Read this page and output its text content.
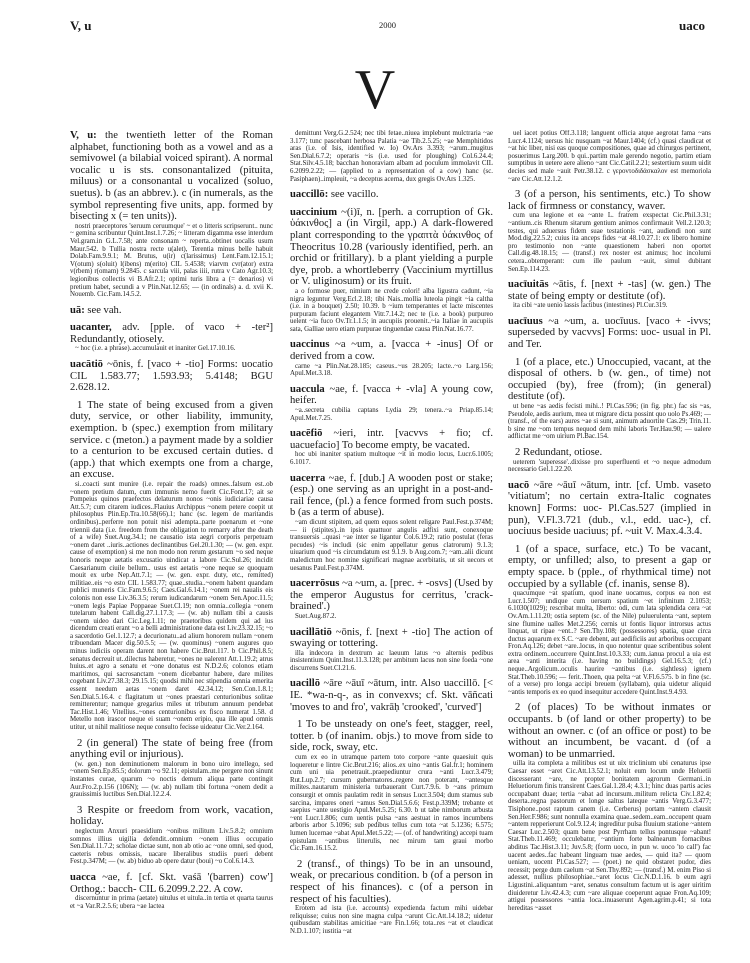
V, u	2000	uaco
V

V, u: the twentieth letter of the Roman alphabet, functioning both as a vowel and as a semivowel (a bilabial voiced spirant). A normal vocalic u is sts. consonantalized (pituita, miluus) or a consonantal u vocalized (soluo, suetus). b (as an abbrev.). c (in numerals, as the symbol representing five units, app. formed by bisecting x (= ten units)).

nostri praeceptores 'seruum ceruumque' ~ et o litteris scripserunt.. nunc ~ gemina scribuntur Quint.Inst.1.7.26; ~ litteram digamma esse interdum Vel.gram.in G.L.7.58; ante consonam ~ reperta..obtinet uocalis usum Maur.542. b Tullia nostra recte u(alet), Terentia minus belle habuit Dolab.Fam.9.9.1; M. Brutus, u(ir) c(larissimus) Lent.Fam.12.15.1; V(otum) s(oluit) l(ibens) m(erito) CIL 5.4538; viarvm cvr(ator) extra v(rbem) r(omam) 9.2845. c sarcula viii, palas iiii, rutra v Cato Agr.10.3; legionibus collectis vi B.Afr.2.1; optimi turis libra a (= denarios) vi pretium habet, secundi a v Plin.Nat.12.65; — (in ordinals) a. d. xvii K. Nouemb. Cic.Fam.14.5.2.

uā: see vah.

uacanter, adv. [pple. of vaco + -ter²] Redundantly, otiosely.

~ hoc (i.e. a phrase)..accumulauit et inaniter Gel.17.10.16.

uacātiō ~ōnis, f. [vaco + -tio] Forms: uocatio CIL 1.583.77; 1.593.93; 5.4148; BGU 2.628.12.

1 The state of being excused from a given duty, service, or other liability, immunity, exemption. b (spec.) exemption from military service. c (meton.) a payment made by a soldier to a centurion to be excused certain duties. d (app.) that which exempts one from a charge, an excuse.

si..coacti sunt munire (i.e. repair the roads) omnes..falsum est..ob ~onem pretium datum, cum immunis nemo fuerit Cic.Font.17; ait se Pompeius quinos praefectos delaturum nonos ~onis iudiciariae causa Att.5.7; cum citarem iudices..Flauius Archippus ~onem petere coepit ut philosophus Plin.Ep.Tra.10.58(66).1; hanc (sc. legem de maritandis ordinibus)..perferre non potuit nisi adempta..parte poenarum et ~one triennii data (i.e. freedom from the obligation to remarry after the death of a wife) Suet.Aug.34.1; ne causatio ista aegri corporis perpetuam ~onem daret ..iuris..actiones declinantibus Gel.20.1.30; — (w. gen. expr. cause of exemption) si me non modo non rerum gestarum ~o sed neque honoris neque aetatis excusatio uindicat a labore Cic.Sul.26; incidit Caesarianum ciuile bellum.. usus est aetatis ~one neque se quoquam mouit ex urbe Nep.Att.7.1; — (w. gen. expr. duty, etc., remitted) militiae..eis ~o esto CIL 1.583.77; quae..studia..~onem habent quandam publici muneris Cic.Fam.9.6.5; Caes.Gal.6.14.1; ~onem rei naualis eis colonis non esse Liv.36.3.5; rerum iudicandarum ~onem Sen.Apoc.11.5; ~onem legis Papiae Poppaeae Suet.Cl.19; non omnia..collegia ~onem tutelarum habent Call.dig.27.1.17.3; — (w. ab) nullam tibi a causis ~onem uideo dari Cic.Leg.1.11; ne praetoribus quidem qui ad ius dicendum creati erant ~o a belli administratione data est Liv.23.32.15; ~o a sacerdotio Gel.1.12.7; a decurionatu..ad alium honorem nullam ~onem tribuendam Macer dig.50.5.5; — (w. quominus) ~onem augures quo minus iudiciis operam darent non habere Cic.Brut.117. b Cic.Phil.8.5; senatus decreuit ut..dilectus haberetur, ~ones ne ualerent Att.1.19.2; atrus huius..et agro a senatu et ~one donatus est N.D.2.6; colonos etiam maritimos, qui sacrosanctam ~onem dicebantur habere, dare milites cogebant Liv.27.38.3; 29.15.15; quodsi mihi nec stipendia omnia emerita essent needum aetas ~onem daret 42.34.12; Sen.Con.1.8.1; Sen.Dial.5.16.4. c flagitatum ut ~ones praestari centurionibus solitae remitterentur; namque gregarius miles ut tributum annuum pendebat Tac.Hist.1.46; Vitellius..~ones centurionibus ex fisco numerat 1.58. d Metello non irascor neque ei suam ~onem eripio, qua ille apud omnis utitur, ut nihil malitiose neque consulto fecisse uideatur Cic.Ver.2.164.

2 (in general) The state of being free (from anything evil or injurious).

(w. gen.) non deminutionem malorum in bono uiro intellego, sed ~onem Sen.Ep.85.5; dolorum ~o 92.11; epistulam..me pergere non sinunt instantes curae, quarum ~o noctis demum aliqua parte contingit Aur.Fro.2.p.156 (106N); — (w. ab) nullam tibi fortuna ~onem dedit a grauissimis luctibus Sen.Dial.12.2.4.

3 Respite or freedom from work, vacation, holiday.

neglectum Anxuri praesidium ~onibus militum Liv.5.8.2; omnium somnos illius uigilia defendit..omnium ~onem illius occupatio Sen.Dial.11.7.2; scholae dictae sunt, non ab otio ac ~one omni, sed quod, caeteris rebus omissis, uacare liberalibus studiis pueri debent Fest.p.347M; — (w. ab) biduo ab opere datur (boui) ~o Col.6.14.3.

uacca ~ae, f. [cf. Skt. vaśā '(barren) cow'] Orthog.: bacch- CIL 6.2099.2.22. A cow.

discernuntur in prima (aetate) uitulus et uitula..in tertia et quarta taurus et ~a Var.R.2.5.6; ubera ~ae lactea

demittunt Verg.G.2.524; nec tibi fetae..niuea implebunt mulctraria ~ae 3.177; tunc pascebant herbosa Palatia ~ae Tib.2.5.25; ~ae Memphitidos aras (i.e. of Isis, identified w. Io) Ov.Ars 3.393; ~arum..mugitus Sen.Dial.6.7.2; operaris ~is (i.e. used for ploughing) Col.6.24.4; Stat.Silv.4.5.18; bacchan honoraviam albam ad poculum immolavit CIL 6.2099.2.22; — (applied to a representation of a cow) hanc (sc. Pasiphaen)..impleuit, ~a deceptus acerna, dux gregis Ov.Ars 1.325.

uaccillō: see vacillo.

uaccinium ~(i)ī, n. [perh. a corruption of Gk. ὑάκινθος] a (in Virgil, app.) A dark-flowered plant corresponding to the γραπτὰ ὑάκινθος of Theocritus 10.28 (variously identified, perh. an orchid or fritillary). b a plant yielding a purple dye, prob. a whortleberry (Vaccinium myrtillus or V. uliginosum) or its fruit.

a o formose puer, nimium ne crede colori! alba ligustra cadunt, ~ia nigra leguntur Verg.Ecl.2.18; tibi Nais..mollia luteola pingit ~ia caltha (i.e. in a bouquet) 2.50; 10.39. b ~ium temperantes et lacte miscentes purpuram faciunt elegantem Vitr.7.14.2; nec te (i.e. a book) purpureo uelent ~ia fuco Ov.Tr.1.1.5; in aucupiis prouenit..~ia Italiae in aucupiis sata, Galliae uero etiam purpurae tinguendae causa Plin.Nat.16.77.

uaccinus ~a ~um, a. [vacca + -inus] Of or derived from a cow.

carne ~a Plin.Nat.28.185; caseus..~us 28.205; lacte..~o Larg.156; Apul.Met.3.18.

uaccula ~ae, f. [vacca + -vla] A young cow, heifer.

~a..secreta cubilia captans Lydia 29; tenera..~a Priap.85.14; Apul.Met.7.25.

uacēfiō ~ieri, intr. [vacvvs + fio; cf. uacuefacio] To become empty, be vacated.

hoc ubi inaniter spatium multoque ~it in modio locus, Lucr.6.1005; 6.1017.

uacerra ~ae, f. [dub.] A wooden post or stake; (esp.) one serving as an upright in a post-and-rail fence, (pl.) a fence formed from such posts. b (as a term of abuse).

~am dicunt stipitem, ad quem equos solent religare Paul.Fest.p.374M; — ii (stipites)..in ipsis quattuor angulis adfixi sunt, conexoque transuersis ..quasi ~ae inter se ligantur Col.6.19.2; ratio postulat (feras pecudes) ~is includi (sic enim appellatur genus clatrorum) 9.1.3; uiuarium quod ~is circumdatum est 9.1.9. b Aug.com.7; ~am..alii dicunt maledictum hoc nomine significari magnae acerbitatis, ut sit uecors et uesanus Paul.Fest.p.374M.

uacerrōsus ~a ~um, a. [prec. + -osvs] (Used by the emperor Augustus for cerritus, 'crack-brained'.)

Suet.Aug.87.2.

uacillātiō ~ōnis, f. [next + -tio] The action of swaying or tottering.

illa indecora in dextrum ac laeuum latus ~o alternis pedibus insistentium Quint.Inst.11.3.128; per ambitum lacus non sine foeda ~one discurrens Suet.Cl.21.6.

uacillō ~āre ~āuī ~ātum, intr. Also uaccillō. [< IE. *wa-n-q-, as in convexvs; cf. Skt. vāñcati 'moves to and fro', vakrāḥ 'crooked', 'curved']

1 To be unsteady on one's feet, stagger, reel, totter. b (of inanim. objs.) to move from side to side, rock, sway, etc.

cum ex eo in utramque partem toto corpore ~ante quaesiuit quis loqueretur e lintre Cic.Brut.216; alios..ex uino ~antis Gal.fr.1; hominem cum uni uia penetrauit..praepediuntur crura ~anti Lucr.3.479; Rut.Lup.2.7; cursum gubernatores..regere non poterant, ~antesque milites..nautarum ministeria turbauerant Curt.7.9.6. b ~ans primum consurgit et omnis paulatim redit in sensus Lucr.3.504; dum stamus sub sarcina, impares oneri ~amus Sen.Dial.5.6.6; Fest.p.339M; trebante et saepius ~ante uestigio Apul.Met.5.25; 6.30. b ut tabe nimborum arbusta ~ent Lucr.1.806; cum uentis pulsa ~ans aestuat in ramos incumbens arboris arbor 5.1096; sub pedibus tellus cum tota ~at 5.1236; 6.575; lumen lucernae ~abat Apul.Met.5.22; — (of. of handwriting) accepi tuam epistulam ~antibus litterulis, nec mirum tam graui morbo Cic.Fam.16.15.2.

2 (transf., of things) To be in an unsound, weak, or precarious condition. b (of a person in respect of his finances). c (of a person in respect of his faculties).

Erotem ad ista (i.e. accounts) expedienda factum mihi uidebar reliquisse; cuius non sine magna culpa ~arunt Cic.Att.14.18.2; uidetur quibusdam stabilitas amicitiae ~are Fin.1.66; tota..res ~at et claudicat N.D.1.107; iustitia ~at

uel iacet potius Off.3.118; languent officia atque aegrotat fama ~ans Lucr.4.1124; uersus hic nusquam ~at Maur.1404; (cf.) quasi claudicat et ~at hic liber, nisi eas quoque compositiones, quae ad chirurgos pertinent, posuerimus Larg.200. b qui..partim male gerendo negotio, partim etiam sumptibus in uetere aere alieno ~ant Cic.Catil.2.21; sestertium suum uidit decies sed male ~auit Petr.38.12. c γεροντοδιδάσκαλον est memoriola ~are Cic.Att.12.1.2.

3 (of a person, his sentiments, etc.) To show lack of firmness or constancy, waver.

cum una legione et ea ~ante L. fratrem exspectat Cic.Phil.3.31; ~antium..cis Rhenum sitarum gentium animos confirmauit Vell.2.120.3; testes, qui aduersus fidem suae testationis ~ant, audiendi non sunt Mod.dig.22.5.2; cuius ita anceps fides ~at 48.10.27.1: ex libero homine pro testimonio non ~ante quaestionem haberi non oportet Call.dig.48.18.15; — (transf.) rex noster est animus; hoc incolumi cetera..obtemperant: cum ille paulum ~auit, simul dubitant Sen.Ep.114.23.

uacīuitās ~ātis, f. [next + -tas] (w. gen.) The state of being empty or destitute (of).

ita cibi ~ate uenio lassis lactibus (intestines) Pl.Cur.319.

uacīuus ~a ~um, a. uocīuus. [vaco + -ivvs; superseded by vacvvs] Forms: uoc- usual in Pl. and Ter.

1 (of a place, etc.) Unoccupied, vacant, at the disposal of others. b (w. gen., of time) not occupied (by), free (from); (in general) destitute (of).

ut bene ~as aedis fecisti mihi..! Pl.Cas.596; (in fig. phr.) fac sis ~as, Pseudole, aedis aurium, mea ut migrare dicta possint quo uolo Ps.469; — (transf., of the ears) aures ~ae si sunt, animum aduortite Cas.29; Trin.11. b sine me ~om tempus nequod dem mihi laboris Ter.Hau.90; — ualere adflictat me ~om uirium Pl.Bac.154.

2 Redundant, otiose.

ueterem 'superesse'..dixisse pro superfluenti et ~o neque admodum necessario Gel.1.22.20.

uacō ~āre ~āuī ~ātum, intr. [cf. Umb. vaseto 'vitiatum'; no certain extra-Italic cognates known] Forms: uoc- Pl.Cas.527 (implied in pun), V.Fl.3.721 (dub., v.l., edd. uac-), cf. uociuus beside uaciuus; pf. ~uit V. Max.4.3.4.

1 (of a space, surface, etc.) To be vacant, empty, or unfilled; also, to present a gap or empty space. b (pple., of rhythmical time) not occupied by a syllable (cf. inanis, sense 8).

quacumque ~at spatium, quod inane uocamus, corpus ea non est Lucr.1.507; undique cum uersum spatium ~et infinitum 2.1053; 6.1030(1029); rescribat multa, liberto: odi, cum lata splendida cera ~at Ov.Am.1.11.20; ostia septem (sc. of the Nile) puluerulenta ~ant, septem sine flumine ualles Met.2.256; cernis ut fontis liquor introrsus actus linquat, ut ripae ~ent..? Sen.Thy.108; (possessores) spatia, quae circa ductus aquarum ex S.C. ~are debent, aut aedificiis aut arboribus occupant Fron.Aq.126; debet ~are..locus, in quo notentur quae scribentibus solent extra ordinem..occurrere Quint.Inst.10.3.33; cum..ianua procul a uia est area ~anti interita (i.e. having no buildings) Gel.16.5.3; (cf.) neque..Argolicum..oculis haurire ~antibus (i.e. sightless) ignem Stat.Theb.10.596; — ferit..Thoen, qua pelta ~at V.Fl.6.575. b in fine (sc. of a verse) pro longa accipi breuem (syllabam), quia uidetur aliquid ~antis temporis ex eo quod insequitur accedere Quint.Inst.9.4.93.

2 (of places) To be without inmates or occupants. b (of land or other property) to be without an owner. c (of an office or post) to be without an incumbent, be vacant. d (of a woman) to be unmarried.

uilla ita completa a militibus est ut uix triclinium ubi cenaturus ipse Caesar esset ~aret Cic.Att.13.52.1; noluit eum locum unde Heluetii discesserant ~are, ne propter bonitatem agrorum Germani..in Heluetiorum finis transirent Caes.Gal.1.28.4; 4.3.1; hinc duas partis acies occupabant duae; tertia ~abat ad incursum..militum relicta Civ.1.82.4; deserta..regna pastorum et longe saltus lateque ~antis Verg.G.3.477; Tisiphone..post raptum canem (i.e. Cerberus) portam ~antem clausit Sen.Her.F.986; sunt nonnulla examina quae..sedem..eam..occupent quam ~antem repperierunt Col.9.12.4; ingreditur pulsa fluuium statione ~antem Caesar Luc.2.503; quam bene post Pyrrham tellus pontusque ~abant! Stat.Theb.11.469; occulebatur, ~antium forte balnearum fornacibus abditus Tac.Hist.3.11; Juv.5.8; (form uoco, in pun w. uoco 'to call') fac uacent aedes..fac habeant linguam tuae aedes, — quid ita? — quom ueniam, uocent Pl.Cas.527; — (poet.) ne quid obstaret pudor, dies recessit; perge dum caelum ~at Sen.Thy.892; — (transf.) M. enim Piso si adesset, nullius philosophiae..~aret locus Cic.N.D.1.16. b eum agri Ligustini..aliquantum ~aret, senatus consultum factum ut is ager uiritim diuideretur Liv.42.4.3; cum ~are aliquae coeperunt aquae Fron.Aq.109; attigui possessores ~antia loca..inuaserunt Agen.agrim.p.41; si tota hereditas ~asset
